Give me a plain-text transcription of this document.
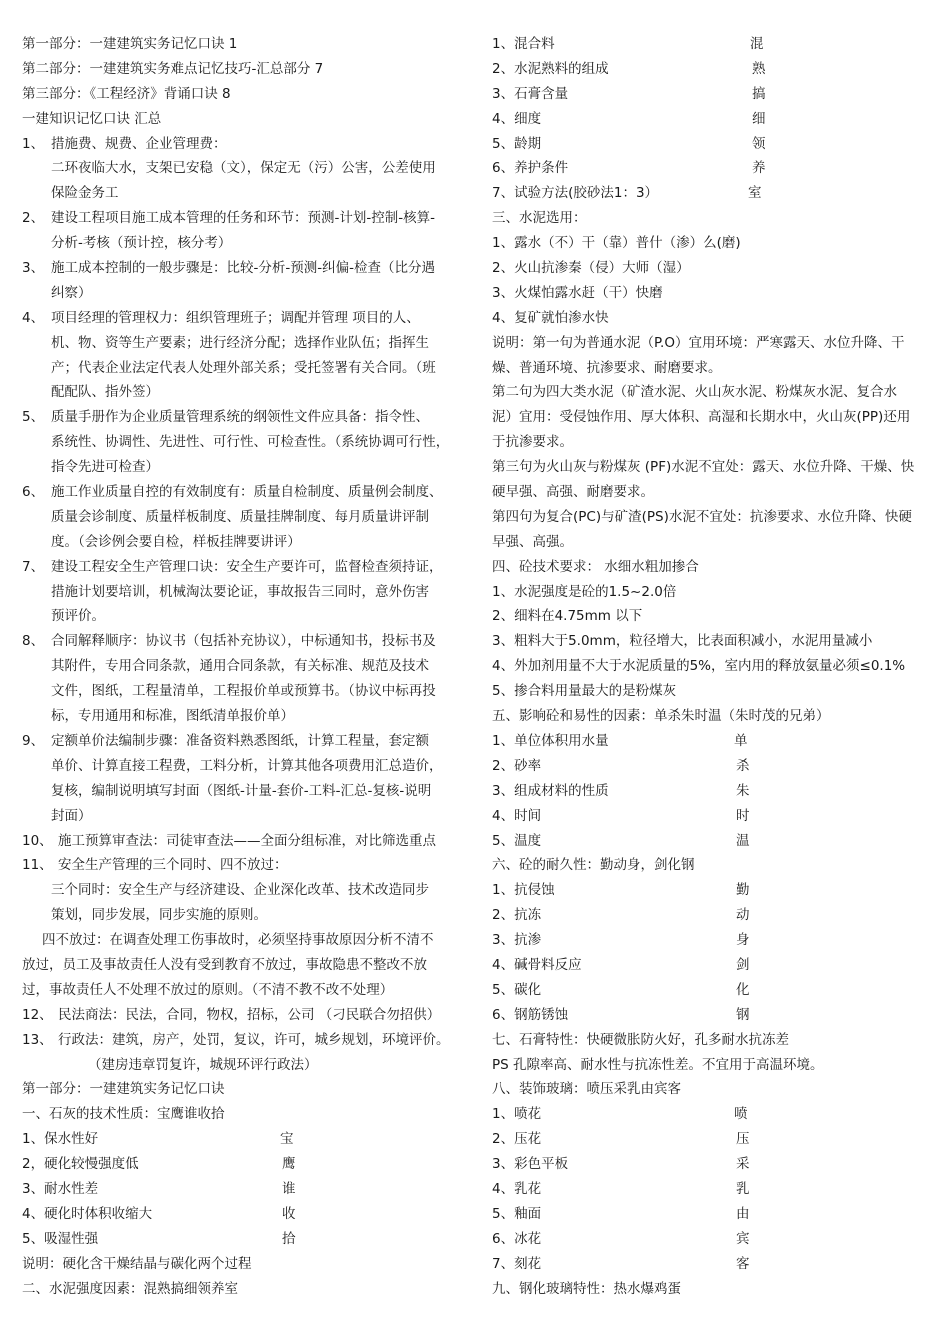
第一部分：一建建筑实务记忆口诀 1
第二部分：一建建筑实务难点记忆技巧-汇总部分 7
第三部分：《工程经济》背诵口诀 8
一建知识记忆口诀 汇总
1、 措施费、规费、企业管理费：
二环夜临大水，支架已安稳（文），保定无（污）公害，公差使用
保险金务工
2、 建设工程项目施工成本管理的任务和环节：预测-计划-控制-核算-
分析-考核（预计控，核分考）
3、 施工成本控制的一般步骤是：比较-分析-预测-纠偏-检查（比分遇
纠察）
4、 项目经理的管理权力：组织管理班子；调配并管理 项目的人、
机、物、资等生产要素；进行经济分配；选择作业队伍；指挥生
产；代表企业法定代表人处理外部关系；受托签署有关合同。（班
配配队、指外签）
5、 质量手册作为企业质量管理系统的纲领性文件应具备：指令性、
系统性、协调性、先进性、可行性、可检查性。（系统协调可行性，
指令先进可检查）
6、 施工作业质量自控的有效制度有：质量自检制度、质量例会制度、
质量会诊制度、质量样板制度、质量挂牌制度、每月质量讲评制
度。（会诊例会要自检，样板挂牌要讲评）
7、 建设工程安全生产管理口诀：安全生产要许可，监督检查须持证，
措施计划要培训，机械淘汰要论证，事故报告三同时，意外伤害
预评价。
8、 合同解释顺序：协议书（包括补充协议），中标通知书，投标书及
其附件，专用合同条款，通用合同条款，有关标准、规范及技术
文件，图纸，工程量清单，工程报价单或预算书。（协议中标再投
标，专用通用和标准，图纸清单报价单）
9、 定额单价法编制步骤：准备资料熟悉图纸，计算工程量，套定额
单价、计算直接工程费，工料分析，计算其他各项费用汇总造价，
复核，编制说明填写封面（图纸-计量-套价-工料-汇总-复核-说明
封面）
10、 施工预算审查法：司徒审查法——全面分组标准，对比筛选重点
11、 安全生产管理的三个同时、四不放过：
三个同时：安全生产与经济建设、企业深化改革、技术改造同步
策划，同步发展，同步实施的原则。
四不放过：在调查处理工伤事故时，必须坚持事故原因分析不清不
放过，员工及事故责任人没有受到教育不放过，事故隐患不整改不放
过，事故责任人不处理不放过的原则。（不清不教不改不处理）
12、 民法商法：民法，合同，物权，招标，公司 （刁民联合勿招供）
13、 行政法：建筑，房产，处罚，复议，许可，城乡规划，环境评价。
（建房违章罚复许，城规环评行政法）
第一部分：一建建筑实务记忆口诀
一、石灰的技术性质：宝鹰谁收拾
1、保水性好	宝
2，硬化较慢强度低	鹰
3、耐水性差	谁
4、硬化时体积收缩大	收
5、吸湿性强	拾
说明：硬化含干燥结晶与碳化两个过程
二、水泥强度因素：混熟搞细领养室
1、混合料	混
2、水泥熟料的组成	熟
3、石膏含量	搞
4、细度	细
5、龄期	领
6、养护条件	养
7、试验方法(胶砂法1：3）	室
三、水泥选用：
1、露水（不）干（靠）普什（渗）么(磨)
2、火山抗渗秦（侵）大师（湿）
3、火煤怕露水赶（干）快磨
4、复矿就怕渗水快
说明：第一句为普通水泥（P.O）宜用环境：严寒露天、水位升降、干
燥、普通环境、抗渗要求、耐磨要求。
第二句为四大类水泥（矿渣水泥、火山灰水泥、粉煤灰水泥、复合水
泥）宜用：受侵蚀作用、厚大体积、高湿和长期水中，火山灰(PP)还用
于抗渗要求。
第三句为火山灰与粉煤灰 (PF)水泥不宜处：露天、水位升降、干燥、快
硬早强、高强、耐磨要求。
第四句为复合(PC)与矿渣(PS)水泥不宜处：抗渗要求、水位升降、快硬
早强、高强。
四、砼技术要求： 水细水粗加掺合
1、水泥强度是砼的1.5~2.0倍
2、细料在4.75mm 以下
3、粗料大于5.0mm，粒径增大，比表面积减小，水泥用量减小
4、外加剂用量不大于水泥质量的5%，室内用的释放氨量必须≤0.1%
5、掺合料用量最大的是粉煤灰
五、影响砼和易性的因素：单杀朱时温（朱时茂的兄弟）
1、单位体积用水量	单
2、砂率	杀
3、组成材料的性质	朱
4、时间	时
5、温度	温
六、砼的耐久性：勤动身，剑化钢
1、抗侵蚀	勤
2、抗冻	动
3、抗渗	身
4、碱骨料反应	剑
5、碳化	化
6、钢筋锈蚀	钢
七、石膏特性：快硬微胀防火好，孔多耐水抗冻差
PS 孔隙率高、耐水性与抗冻性差。不宜用于高温环境。
八、装饰玻璃：喷压采乳由宾客
1、喷花	喷
2、压花	压
3、彩色平板	采
4、乳花	乳
5、釉面	由
6、冰花	宾
7、刻花	客
九、钢化玻璃特性：热水爆鸡蛋
